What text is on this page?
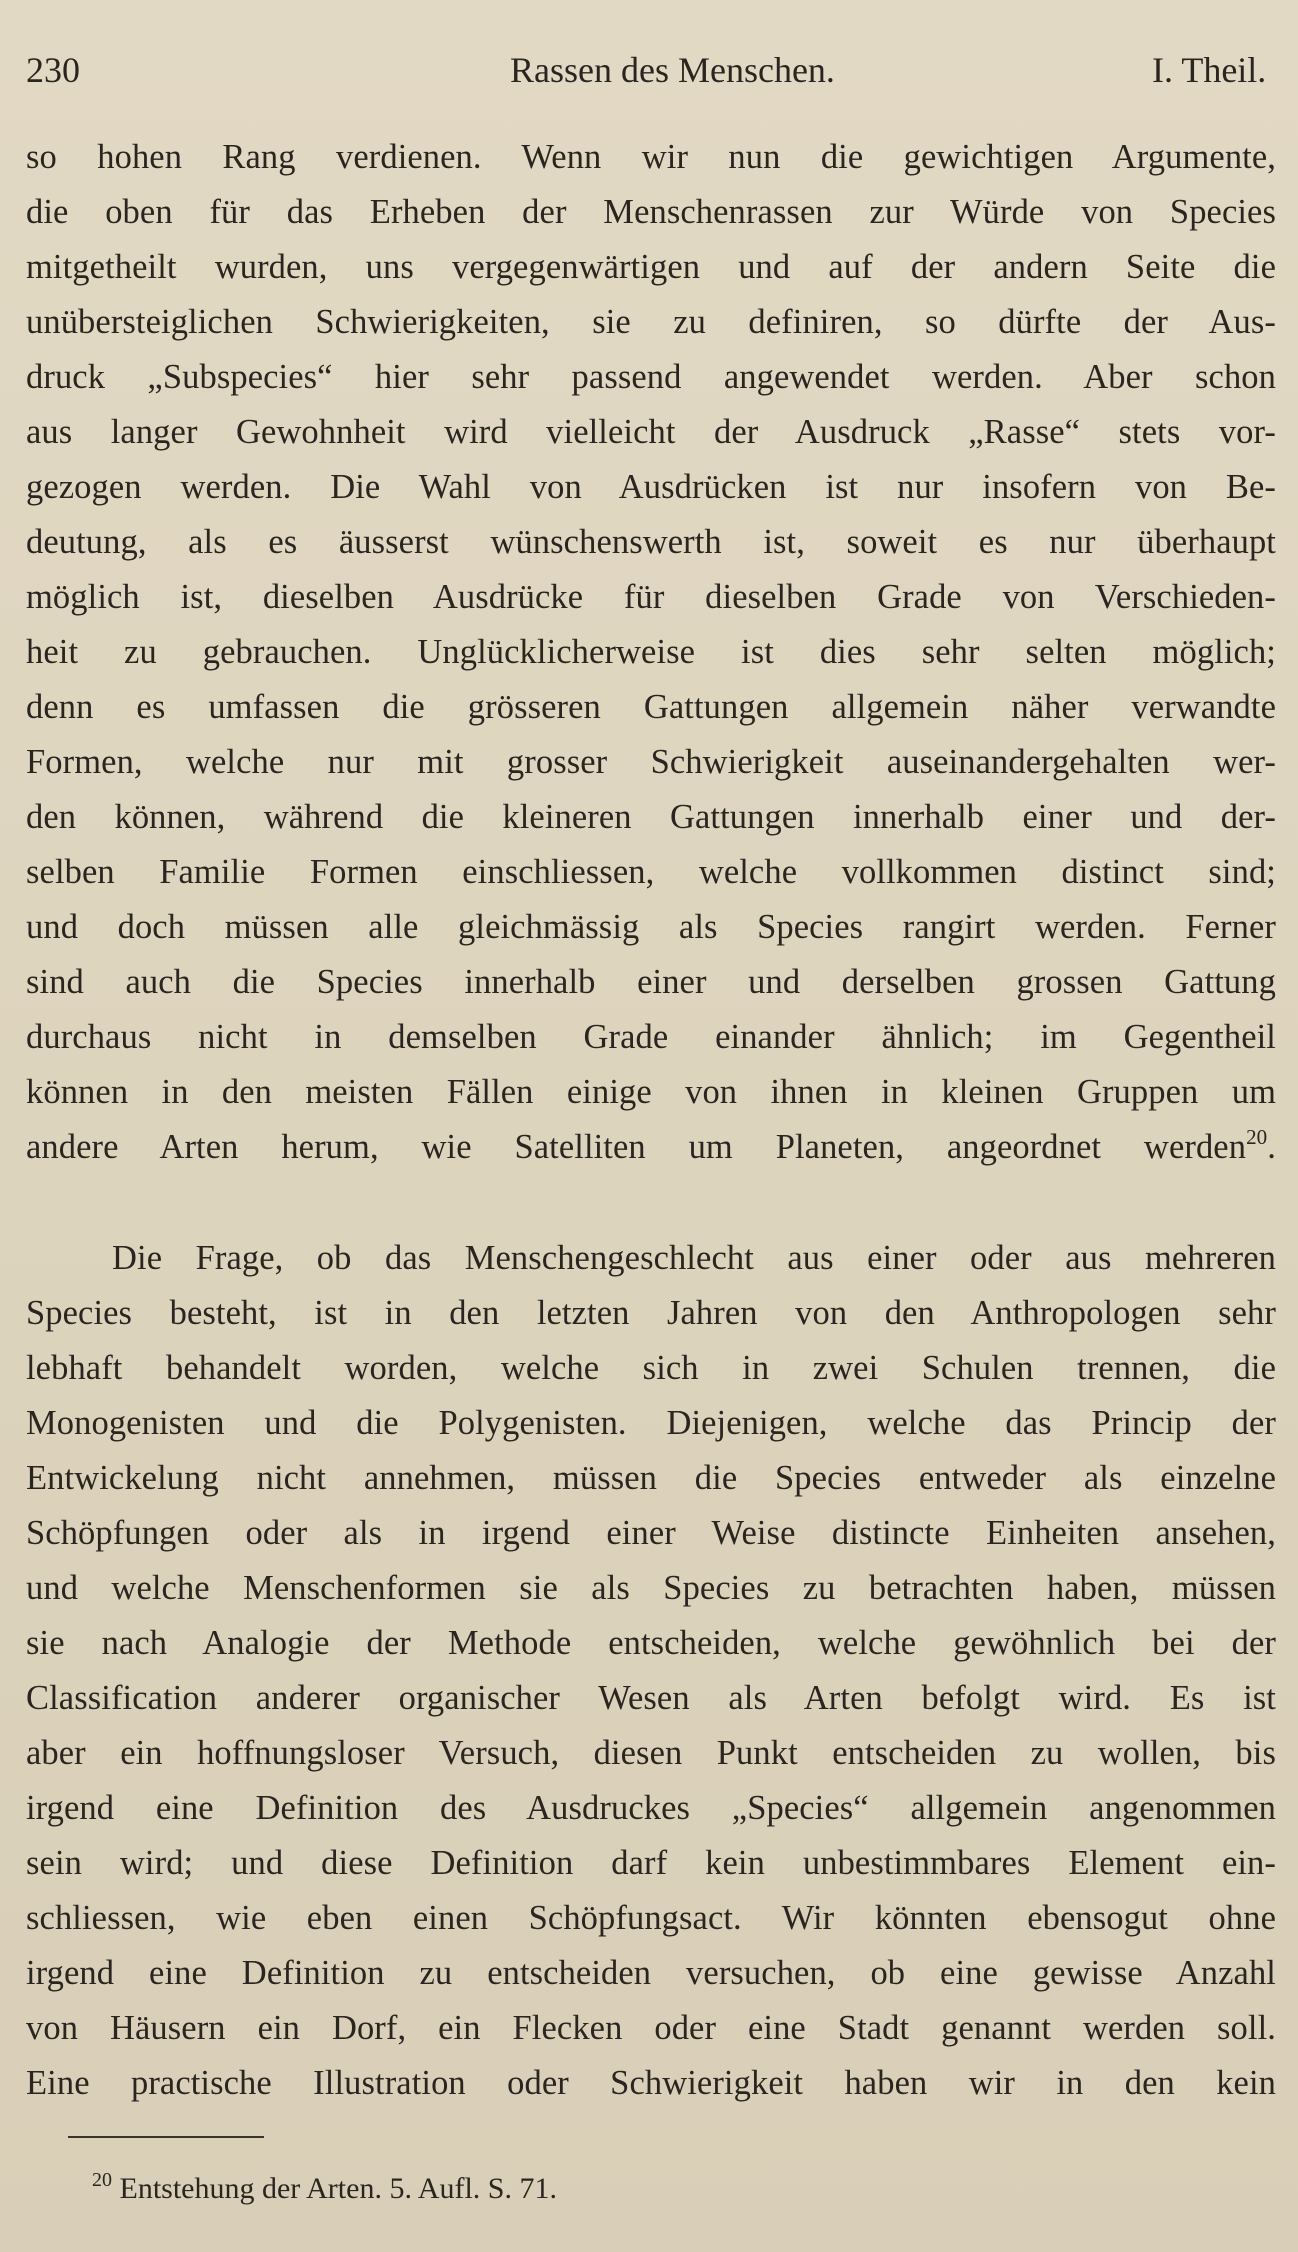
230	Rassen des Menschen.	I. Theil.
so hohen Rang verdienen. Wenn wir nun die gewichtigen Argumente,
die oben für das Erheben der Menschenrassen zur Würde von Species
mitgetheilt wurden, uns vergegenwärtigen und auf der andern Seite die
unübersteiglichen Schwierigkeiten, sie zu definiren, so dürfte der Aus-
druck „Subspecies“ hier sehr passend angewendet werden. Aber schon
aus langer Gewohnheit wird vielleicht der Ausdruck „Rasse“ stets vor-
gezogen werden. Die Wahl von Ausdrücken ist nur insofern von Be-
deutung, als es äusserst wünschenswerth ist, soweit es nur überhaupt
möglich ist, dieselben Ausdrücke für dieselben Grade von Verschieden-
heit zu gebrauchen. Unglücklicherweise ist dies sehr selten möglich;
denn es umfassen die grösseren Gattungen allgemein näher verwandte
Formen, welche nur mit grosser Schwierigkeit auseinandergehalten wer-
den können, während die kleineren Gattungen innerhalb einer und der-
selben Familie Formen einschliessen, welche vollkommen distinct sind;
und doch müssen alle gleichmässig als Species rangirt werden. Ferner
sind auch die Species innerhalb einer und derselben grossen Gattung
durchaus nicht in demselben Grade einander ähnlich; im Gegentheil
können in den meisten Fällen einige von ihnen in kleinen Gruppen um
andere Arten herum, wie Satelliten um Planeten, angeordnet werden$^{20}$.
Die Frage, ob das Menschengeschlecht aus einer oder aus mehreren
Species besteht, ist in den letzten Jahren von den Anthropologen sehr
lebhaft behandelt worden, welche sich in zwei Schulen trennen, die
Monogenisten und die Polygenisten. Diejenigen, welche das Princip der
Entwickelung nicht annehmen, müssen die Species entweder als einzelne
Schöpfungen oder als in irgend einer Weise distincte Einheiten ansehen,
und welche Menschenformen sie als Species zu betrachten haben, müssen
sie nach Analogie der Methode entscheiden, welche gewöhnlich bei der
Classification anderer organischer Wesen als Arten befolgt wird. Es ist
aber ein hoffnungsloser Versuch, diesen Punkt entscheiden zu wollen, bis
irgend eine Definition des Ausdruckes „Species“ allgemein angenommen
sein wird; und diese Definition darf kein unbestimmbares Element ein-
schliessen, wie eben einen Schöpfungsact. Wir könnten ebensogut ohne
irgend eine Definition zu entscheiden versuchen, ob eine gewisse Anzahl
von Häusern ein Dorf, ein Flecken oder eine Stadt genannt werden soll.
Eine practische Illustration oder Schwierigkeit haben wir in den kein
$^{20}$ Entstehung der Arten. 5. Aufl. S. 71.
